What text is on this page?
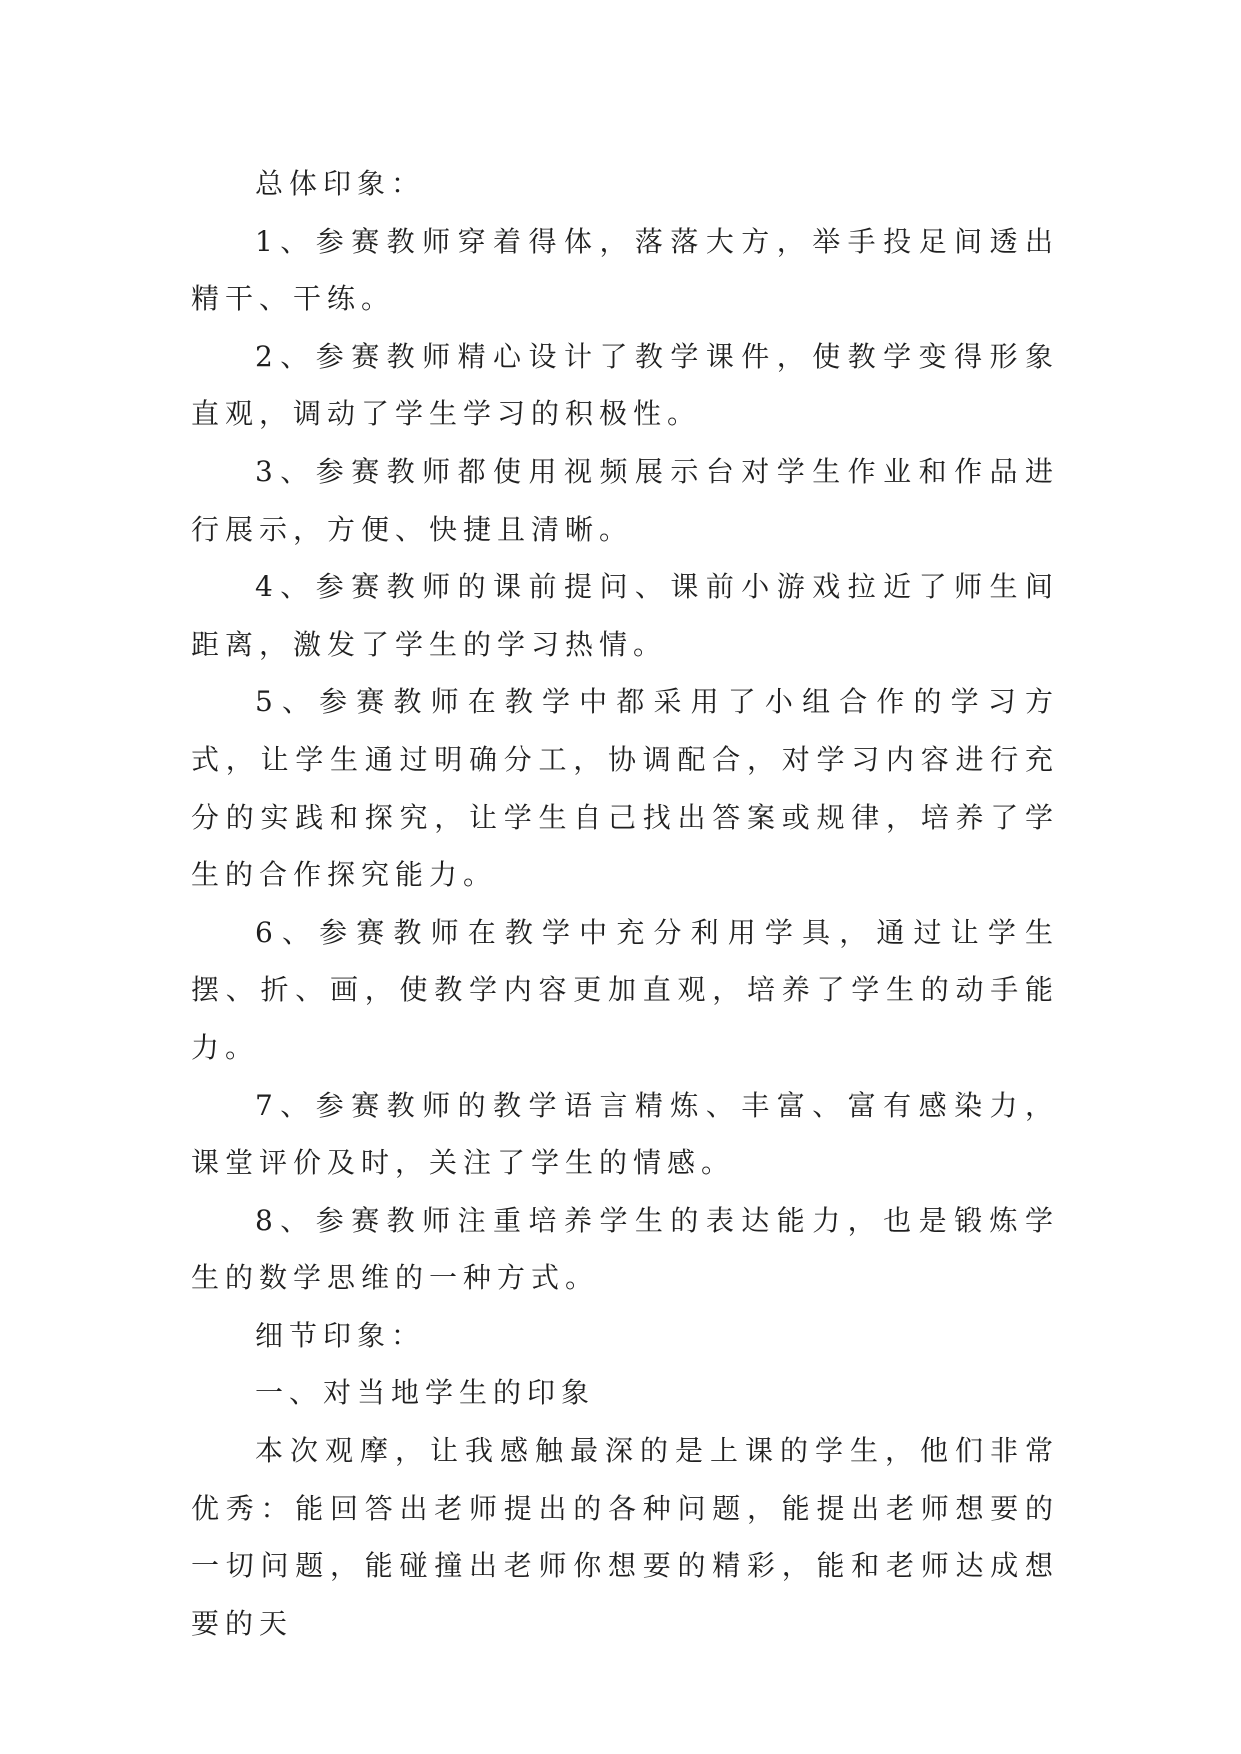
总体印象：

1、参赛教师穿着得体，落落大方，举手投足间透出精干、干练。

2、参赛教师精心设计了教学课件，使教学变得形象直观，调动了学生学习的积极性。

3、参赛教师都使用视频展示台对学生作业和作品进行展示，方便、快捷且清晰。

4、参赛教师的课前提问、课前小游戏拉近了师生间距离，激发了学生的学习热情。

5、参赛教师在教学中都采用了小组合作的学习方式，让学生通过明确分工，协调配合，对学习内容进行充分的实践和探究，让学生自己找出答案或规律，培养了学生的合作探究能力。

6、参赛教师在教学中充分利用学具，通过让学生摆、折、画，使教学内容更加直观，培养了学生的动手能力。

7、参赛教师的教学语言精炼、丰富、富有感染力，课堂评价及时，关注了学生的情感。

8、参赛教师注重培养学生的表达能力，也是锻炼学生的数学思维的一种方式。

细节印象：

一、对当地学生的印象

本次观摩，让我感触最深的是上课的学生，他们非常优秀：能回答出老师提出的各种问题，能提出老师想要的一切问题，能碰撞出老师你想要的精彩，能和老师达成想要的天
